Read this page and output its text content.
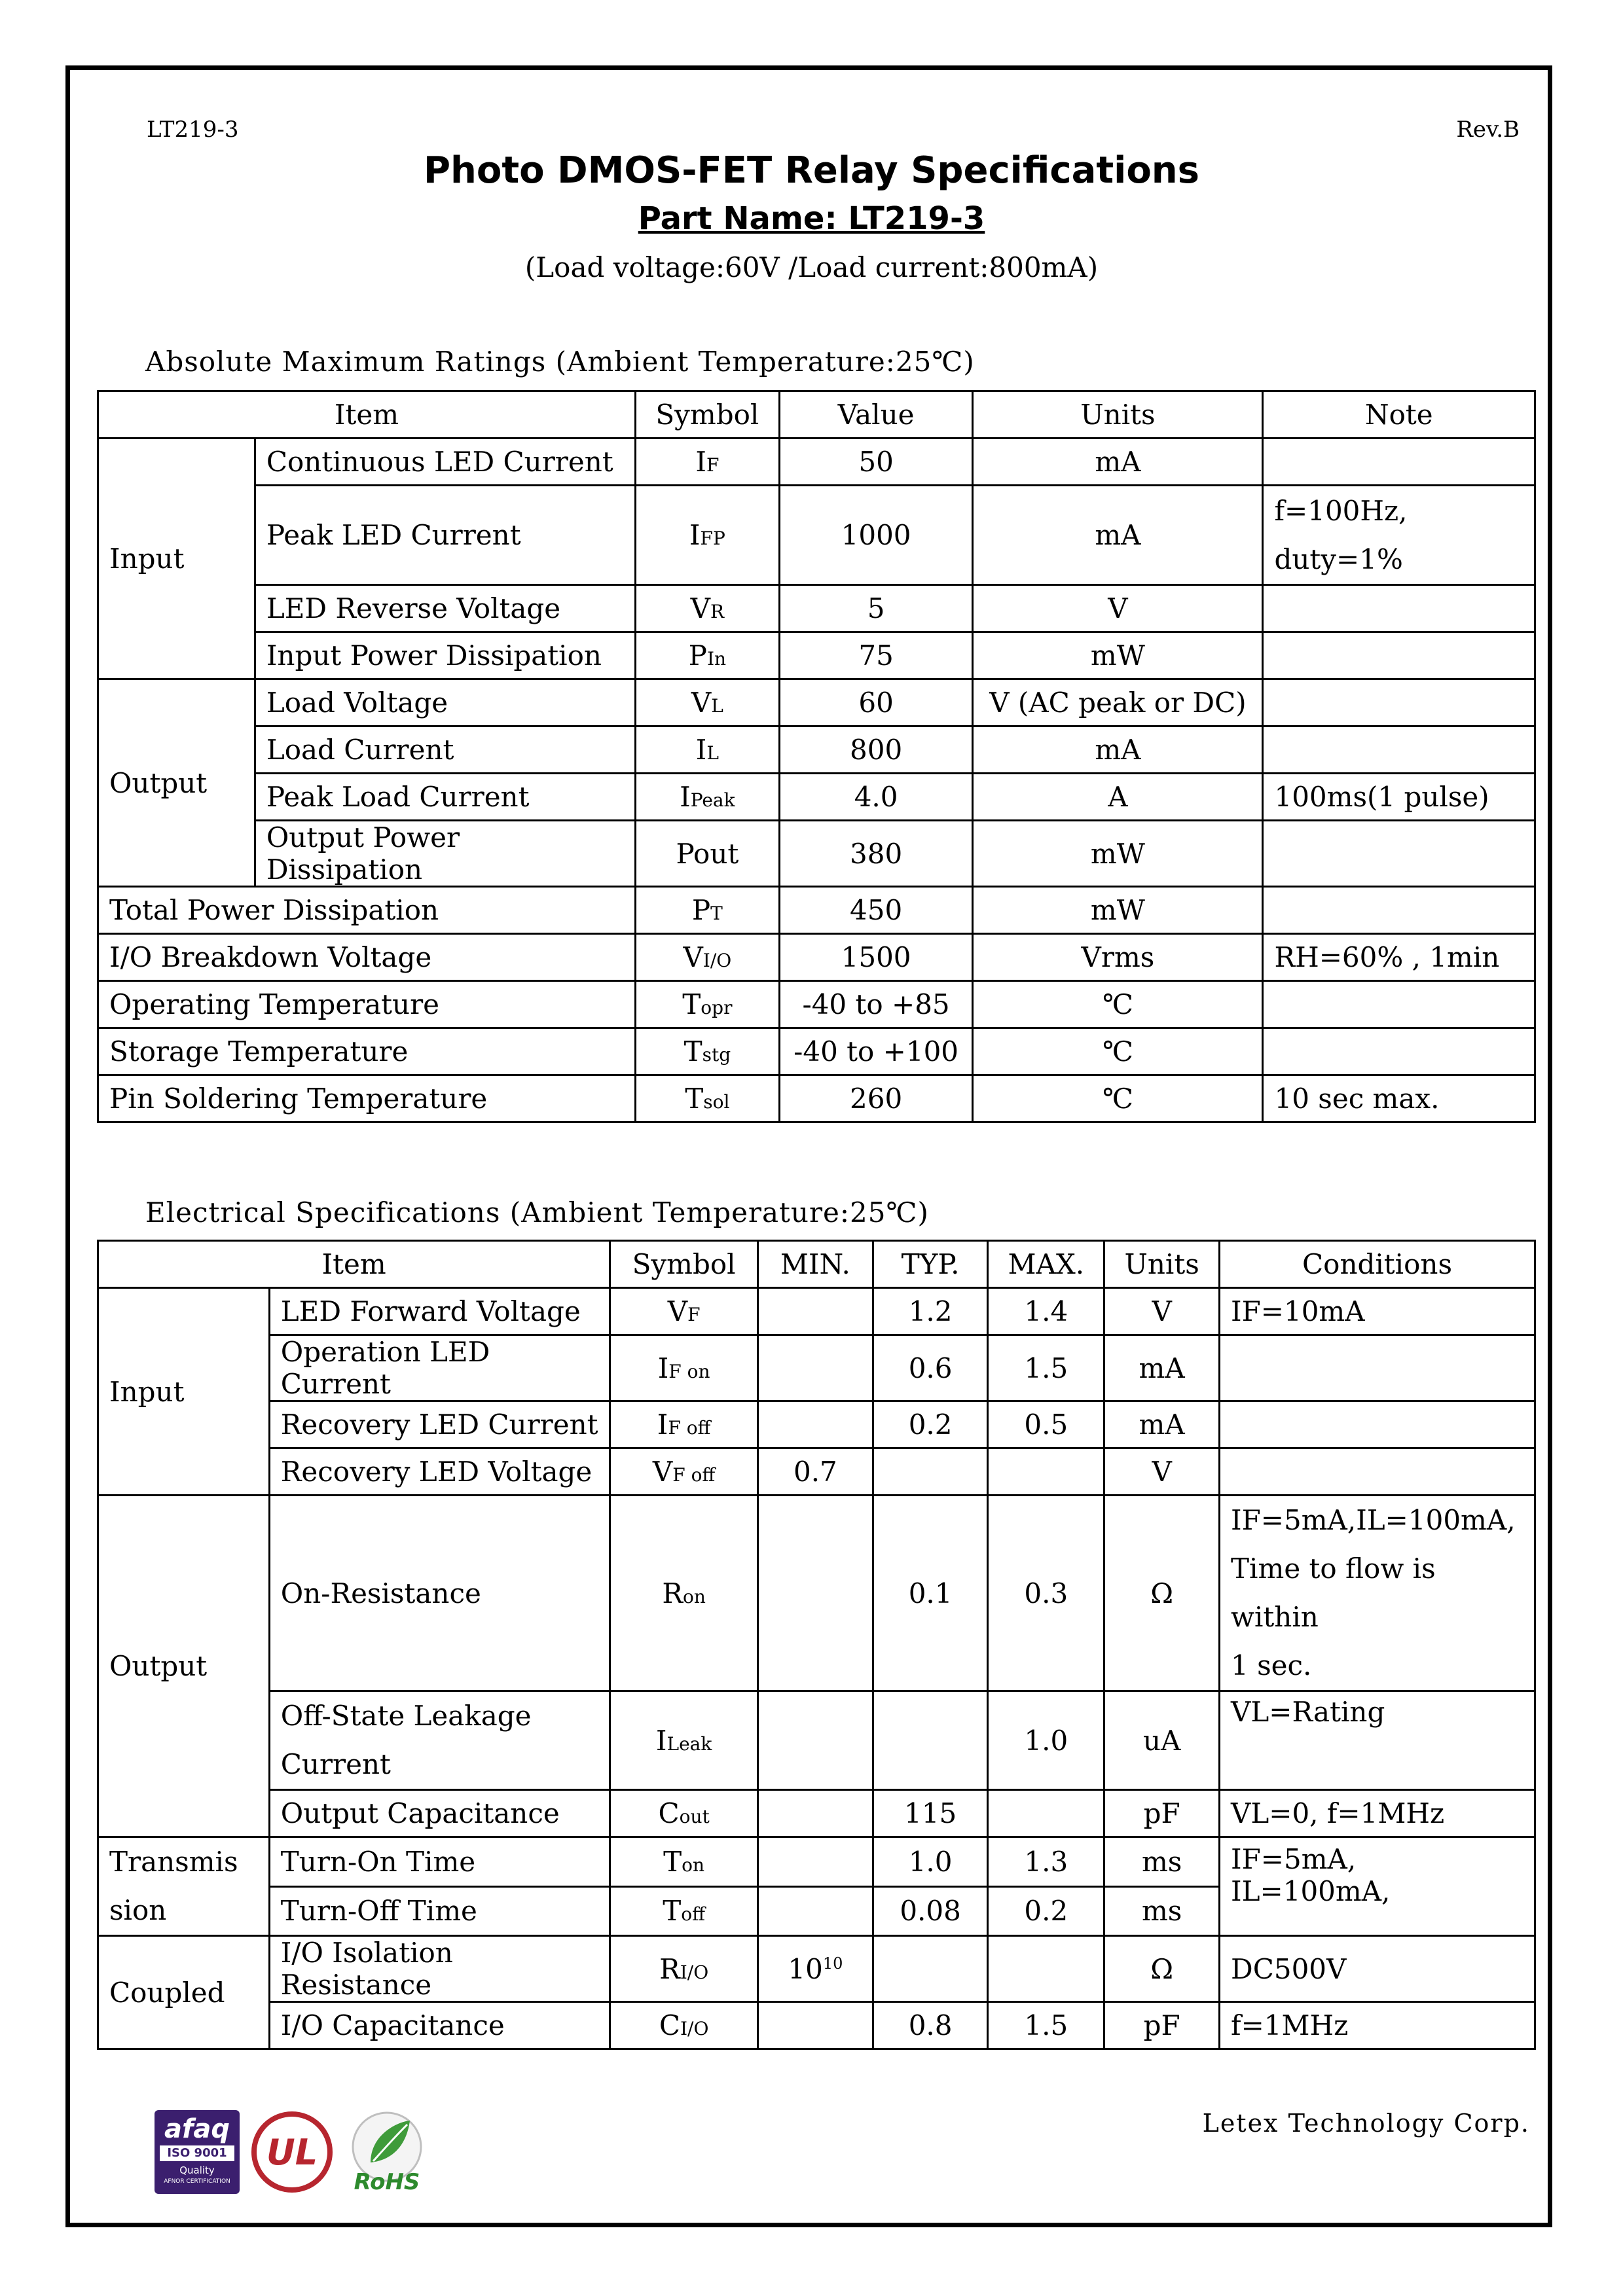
LT219-3	Rev.B
Photo DMOS-FET Relay Specifications
Part Name: LT219-3
(Load voltage:60V /Load current:800mA)
Absolute Maximum Ratings (Ambient Temperature:25℃)
Item		Symbol	Value	Units	Note
Input	Continuous LED Current	IF	50	mA	
	Peak LED Current	IFP	1000	mA	f=100Hz,
duty=1%
	LED Reverse Voltage	VR	5	V	
	Input Power Dissipation	PIn	75	mW	
Output	Load Voltage	VL	60	V (AC peak or DC)	
	Load Current	IL	800	mA	
	Peak Load Current	IPeak	4.0	A	100ms(1 pulse)
	Output Power Dissipation	Pout	380	mW	
Total Power Dissipation		PT	450	mW	
I/O Breakdown Voltage		VI/O	1500	Vrms	RH=60% , 1min
Operating Temperature		Topr	-40 to +85	℃	
Storage Temperature		Tstg	-40 to +100	℃	
Pin Soldering Temperature		Tsol	260	℃	10 sec max.
Electrical Specifications (Ambient Temperature:25℃)
Item		Symbol	MIN.	TYP.	MAX.	Units	Conditions
Input	LED Forward Voltage	VF		1.2	1.4	V	IF=10mA
	Operation LED Current	IF on		0.6	1.5	mA	
	Recovery LED Current	IF off		0.2	0.5	mA	
	Recovery LED Voltage	VF off	0.7			V	
Output	On-Resistance	Ron		0.1	0.3	Ω	IF=5mA,IL=100mA,
Time to flow is within
1 sec.
	Off-State Leakage
Current	ILeak			1.0	uA	VL=Rating
	Output Capacitance	Cout		115		pF	VL=0, f=1MHz
Transmis
sion	Turn-On Time	Ton		1.0	1.3	ms	IF=5mA, IL=100mA,
	Turn-Off Time	Toff		0.08	0.2	ms	
Coupled	I/O Isolation Resistance	RI/O	$10^{10}$			Ω	DC500V
	I/O Capacitance	CI/O		0.8	1.5	pF	f=1MHz
afaq
ISO 9001
Quality
AFNOR CERTIFICATION
UL
RoHS
Letex Technology Corp.
